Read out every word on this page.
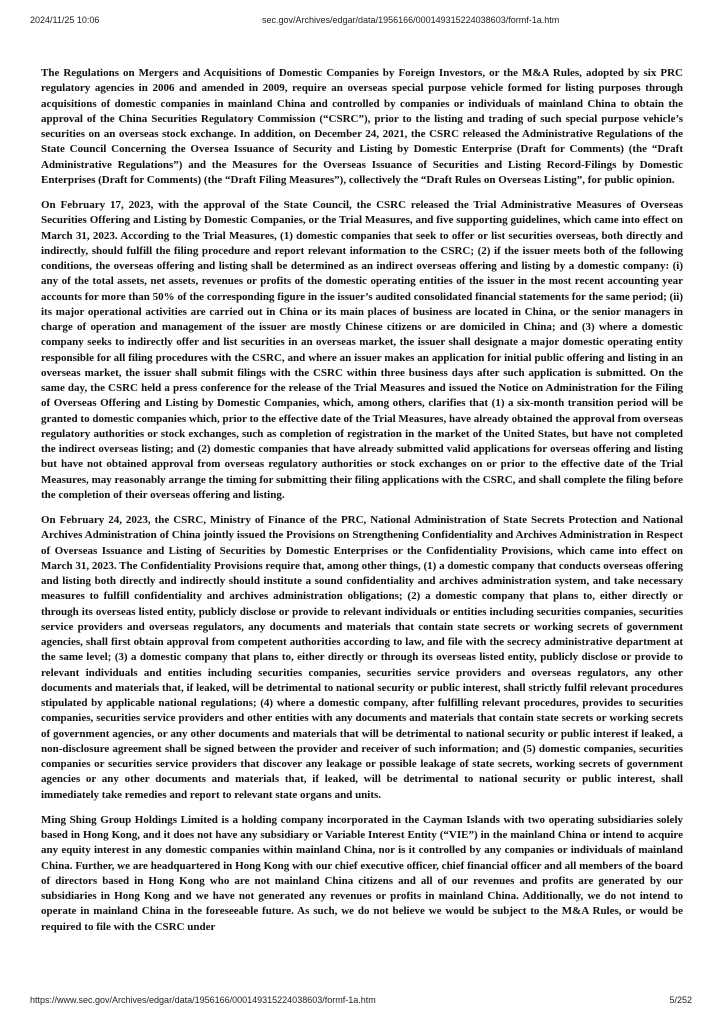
2024/11/25 10:06	sec.gov/Archives/edgar/data/1956166/000149315224038603/formf-1a.htm

The Regulations on Mergers and Acquisitions of Domestic Companies by Foreign Investors, or the M&A Rules, adopted by six PRC regulatory agencies in 2006 and amended in 2009, require an overseas special purpose vehicle formed for listing purposes through acquisitions of domestic companies in mainland China and controlled by companies or individuals of mainland China to obtain the approval of the China Securities Regulatory Commission (“CSRC”), prior to the listing and trading of such special purpose vehicle’s securities on an overseas stock exchange. In addition, on December 24, 2021, the CSRC released the Administrative Regulations of the State Council Concerning the Oversea Issuance of Security and Listing by Domestic Enterprise (Draft for Comments) (the “Draft Administrative Regulations”) and the Measures for the Overseas Issuance of Securities and Listing Record-Filings by Domestic Enterprises (Draft for Comments) (the “Draft Filing Measures”), collectively the “Draft Rules on Overseas Listing”, for public opinion.

On February 17, 2023, with the approval of the State Council, the CSRC released the Trial Administrative Measures of Overseas Securities Offering and Listing by Domestic Companies, or the Trial Measures, and five supporting guidelines, which came into effect on March 31, 2023. According to the Trial Measures, (1) domestic companies that seek to offer or list securities overseas, both directly and indirectly, should fulfill the filing procedure and report relevant information to the CSRC; (2) if the issuer meets both of the following conditions, the overseas offering and listing shall be determined as an indirect overseas offering and listing by a domestic company: (i) any of the total assets, net assets, revenues or profits of the domestic operating entities of the issuer in the most recent accounting year accounts for more than 50% of the corresponding figure in the issuer’s audited consolidated financial statements for the same period; (ii) its major operational activities are carried out in China or its main places of business are located in China, or the senior managers in charge of operation and management of the issuer are mostly Chinese citizens or are domiciled in China; and (3) where a domestic company seeks to indirectly offer and list securities in an overseas market, the issuer shall designate a major domestic operating entity responsible for all filing procedures with the CSRC, and where an issuer makes an application for initial public offering and listing in an overseas market, the issuer shall submit filings with the CSRC within three business days after such application is submitted. On the same day, the CSRC held a press conference for the release of the Trial Measures and issued the Notice on Administration for the Filing of Overseas Offering and Listing by Domestic Companies, which, among others, clarifies that (1) a six-month transition period will be granted to domestic companies which, prior to the effective date of the Trial Measures, have already obtained the approval from overseas regulatory authorities or stock exchanges, such as completion of registration in the market of the United States, but have not completed the indirect overseas listing; and (2) domestic companies that have already submitted valid applications for overseas offering and listing but have not obtained approval from overseas regulatory authorities or stock exchanges on or prior to the effective date of the Trial Measures, may reasonably arrange the timing for submitting their filing applications with the CSRC, and shall complete the filing before the completion of their overseas offering and listing.

On February 24, 2023, the CSRC, Ministry of Finance of the PRC, National Administration of State Secrets Protection and National Archives Administration of China jointly issued the Provisions on Strengthening Confidentiality and Archives Administration in Respect of Overseas Issuance and Listing of Securities by Domestic Enterprises or the Confidentiality Provisions, which came into effect on March 31, 2023. The Confidentiality Provisions require that, among other things, (1) a domestic company that conducts overseas offering and listing both directly and indirectly should institute a sound confidentiality and archives administration system, and take necessary measures to fulfill confidentiality and archives administration obligations; (2) a domestic company that plans to, either directly or through its overseas listed entity, publicly disclose or provide to relevant individuals or entities including securities companies, securities service providers and overseas regulators, any documents and materials that contain state secrets or working secrets of government agencies, shall first obtain approval from competent authorities according to law, and file with the secrecy administrative department at the same level; (3) a domestic company that plans to, either directly or through its overseas listed entity, publicly disclose or provide to relevant individuals and entities including securities companies, securities service providers and overseas regulators, any other documents and materials that, if leaked, will be detrimental to national security or public interest, shall strictly fulfil relevant procedures stipulated by applicable national regulations; (4) where a domestic company, after fulfilling relevant procedures, provides to securities companies, securities service providers and other entities with any documents and materials that contain state secrets or working secrets of government agencies, or any other documents and materials that will be detrimental to national security or public interest if leaked, a non-disclosure agreement shall be signed between the provider and receiver of such information; and (5) domestic companies, securities companies or securities service providers that discover any leakage or possible leakage of state secrets, working secrets of government agencies or any other documents and materials that, if leaked, will be detrimental to national security or public interest, shall immediately take remedies and report to relevant state organs and units.

Ming Shing Group Holdings Limited is a holding company incorporated in the Cayman Islands with two operating subsidiaries solely based in Hong Kong, and it does not have any subsidiary or Variable Interest Entity (“VIE”) in the mainland China or intend to acquire any equity interest in any domestic companies within mainland China, nor is it controlled by any companies or individuals of mainland China. Further, we are headquartered in Hong Kong with our chief executive officer, chief financial officer and all members of the board of directors based in Hong Kong who are not mainland China citizens and all of our revenues and profits are generated by our subsidiaries in Hong Kong and we have not generated any revenues or profits in mainland China. Additionally, we do not intend to operate in mainland China in the foreseeable future. As such, we do not believe we would be subject to the M&A Rules, or would be required to file with the CSRC under

https://www.sec.gov/Archives/edgar/data/1956166/000149315224038603/formf-1a.htm	5/252
